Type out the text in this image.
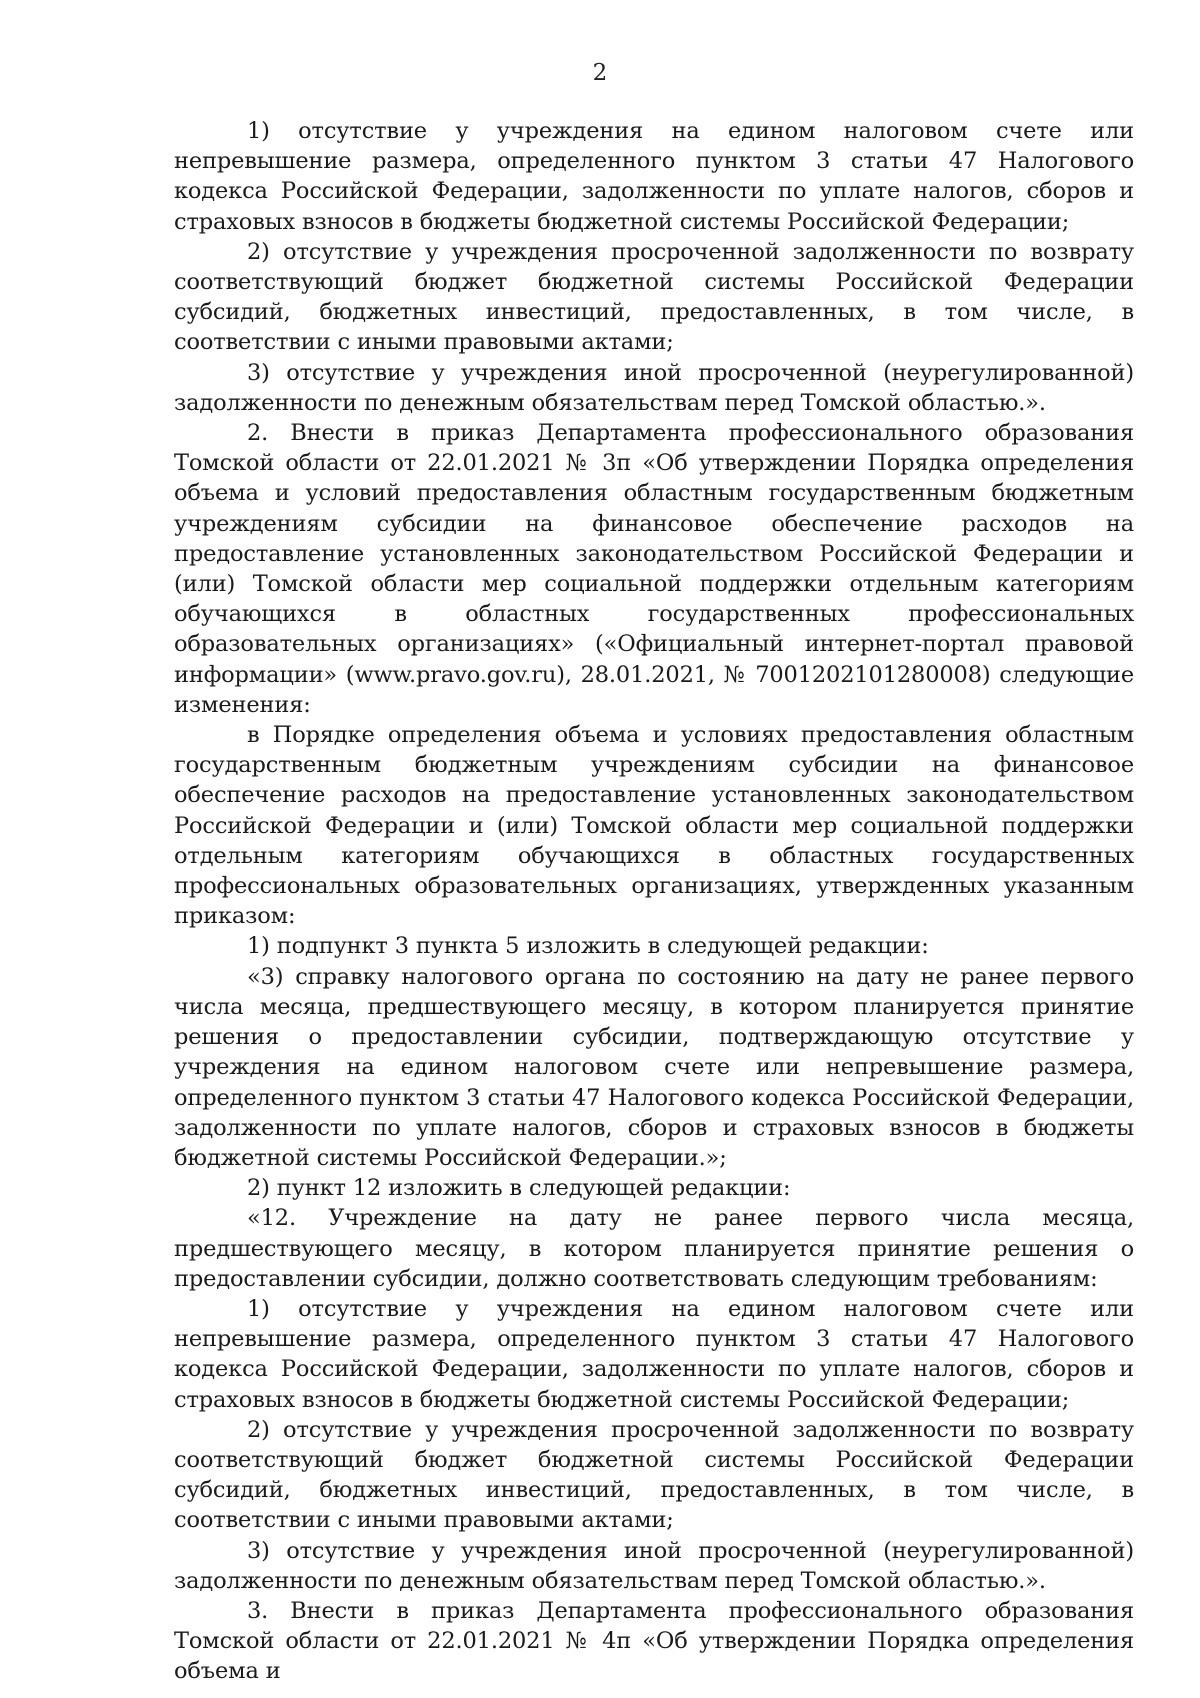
2

1) отсутствие у учреждения на едином налоговом счете или непревышение размера, определенного пунктом 3 статьи 47 Налогового кодекса Российской Федерации, задолженности по уплате налогов, сборов и страховых взносов в бюджеты бюджетной системы Российской Федерации;

2) отсутствие у учреждения просроченной задолженности по возврату соответствующий бюджет бюджетной системы Российской Федерации субсидий, бюджетных инвестиций, предоставленных, в том числе, в соответствии с иными правовыми актами;

3) отсутствие у учреждения иной просроченной (неурегулированной) задолженности по денежным обязательствам перед Томской областью.».

2. Внести в приказ Департамента профессионального образования Томской области от 22.01.2021 № 3п «Об утверждении Порядка определения объема и условий предоставления областным государственным бюджетным учреждениям субсидии на финансовое обеспечение расходов на предоставление установленных законодательством Российской Федерации и (или) Томской области мер социальной поддержки отдельным категориям обучающихся в областных государственных профессиональных образовательных организациях» («Официальный интернет-портал правовой информации» (www.pravo.gov.ru), 28.01.2021, № 7001202101280008) следующие изменения:

в Порядке определения объема и условиях предоставления областным государственным бюджетным учреждениям субсидии на финансовое обеспечение расходов на предоставление установленных законодательством Российской Федерации и (или) Томской области мер социальной поддержки отдельным категориям обучающихся в областных государственных профессиональных образовательных организациях, утвержденных указанным приказом:

1) подпункт 3 пункта 5 изложить в следующей редакции:

«3) справку налогового органа по состоянию на дату не ранее первого числа месяца, предшествующего месяцу, в котором планируется принятие решения о предоставлении субсидии, подтверждающую отсутствие у учреждения на едином налоговом счете или непревышение размера, определенного пунктом 3 статьи 47 Налогового кодекса Российской Федерации, задолженности по уплате налогов, сборов и страховых взносов в бюджеты бюджетной системы Российской Федерации.»;

2) пункт 12 изложить в следующей редакции:

«12. Учреждение на дату не ранее первого числа месяца, предшествующего месяцу, в котором планируется принятие решения о предоставлении субсидии, должно соответствовать следующим требованиям:

1) отсутствие у учреждения на едином налоговом счете или непревышение размера, определенного пунктом 3 статьи 47 Налогового кодекса Российской Федерации, задолженности по уплате налогов, сборов и страховых взносов в бюджеты бюджетной системы Российской Федерации;

2) отсутствие у учреждения просроченной задолженности по возврату соответствующий бюджет бюджетной системы Российской Федерации субсидий, бюджетных инвестиций, предоставленных, в том числе, в соответствии с иными правовыми актами;

3) отсутствие у учреждения иной просроченной (неурегулированной) задолженности по денежным обязательствам перед Томской областью.».

3. Внести в приказ Департамента профессионального образования Томской области от 22.01.2021 № 4п «Об утверждении Порядка определения объема и
